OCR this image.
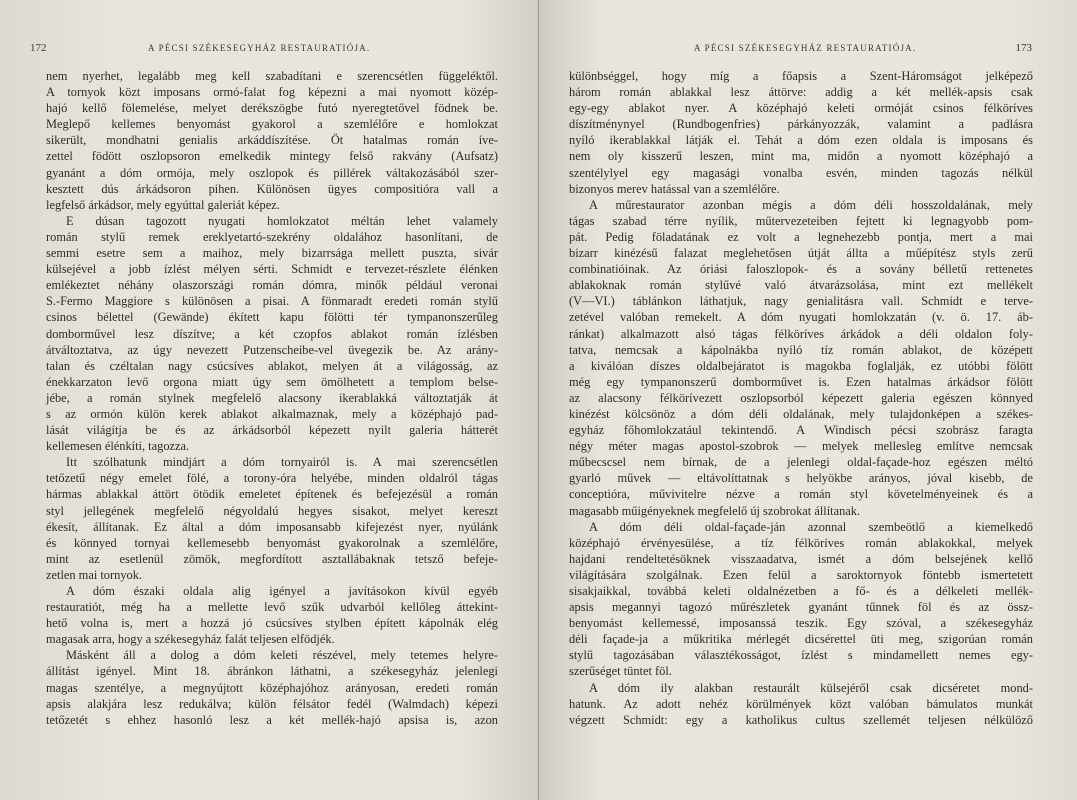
172	A PÉCSI SZÉKESEGYHÁZ RESTAURATIÓJA.
nem nyerhet, legalább meg kell szabadítani e szerencsétlen függeléktől.
A tornyok közt imposans ormó-falat fog képezni a mai nyomott közép-
hajó kellő fölemelése, melyet derékszögbe futó nyeregtetővel födnek be.
Meglepő kellemes benyomást gyakorol a szemlélőre e homlokzat
sikerült, mondhatni genialis arkáddíszítése. Öt hatalmas román íve-
zettel födött oszlopsoron emelkedik mintegy felső rakvány (Aufsatz)
gyanánt a dóm ormója, mely oszlopok és pillérek váltakozásából szer-
kesztett dús árkádsoron pihen. Különösen ügyes compositióra vall a
legfelső árkádsor, mely egyúttal galeriát képez.
E dúsan tagozott nyugati homlokzatot méltán lehet valamely
román stylű remek ereklyetartó-szekrény oldalához hasonlítani, de
semmi esetre sem a maihoz, mely bizarrsága mellett puszta, sivár
külsejével a jobb ízlést mélyen sérti. Schmidt e tervezet-részlete élénken
emlékeztet néhány olaszországi román dómra, minők például veronai
S.-Fermo Maggiore s különösen a pisai. A fönmaradt eredeti román stylű
csinos bélettel (Gewände) ékített kapu fölötti tér tympanonszerűleg
domborművel lesz díszítve; a két czopfos ablakot román ízlésben
átváltoztatva, az úgy nevezett Putzenscheibe-vel üvegezik be. Az arány-
talan és czéltalan nagy csúcsíves ablakot, melyen át a világosság, az
énekkarzaton levő orgona miatt úgy sem ömölhetett a templom belse-
jébe, a román stylnek megfelelő alacsony ikerablakká változtatják át
s az ormón külön kerek ablakot alkalmaznak, mely a középhajó pad-
lását világítja be és az árkádsorból képezett nyilt galeria hátterét
kellemesen élénkíti, tagozza.
Itt szólhatunk mindjárt a dóm tornyairól is. A mai szerencsétlen
tetőzetű négy emelet fölé, a torony-óra helyébe, minden oldalról tágas
hármas ablakkal áttört ötödik emeletet építenek és befejezésül a román
styl jellegének megfelelő négyoldalú hegyes sisakot, melyet kereszt
ékesít, állítanak. Ez által a dóm imposansabb kifejezést nyer, nyúlánk
és könnyed tornyai kellemesebb benyomást gyakorolnak a szemlélőre,
mint az esetlenül zömök, megfordított asztallábaknak tetsző befeje-
zetlen mai tornyok.
A dóm északi oldala alig igényel a javításokon kívül egyéb
restauratiót, még ha a mellette levő szűk udvarból kellőleg áttekint-
hető volna is, mert a hozzá jó csúcsíves stylben épített kápolnák elég
magasak arra, hogy a székesegyház falát teljesen elfödjék.
Másként áll a dolog a dóm keleti részével, mely tetemes helyre-
állítást igényel. Mint 18. ábránkon láthatni, a székesegyház jelenlegi
magas szentélye, a megnyújtott középhajóhoz arányosan, eredeti román
apsis alakjára lesz redukálva; külön félsátor fedél (Walmdach) képezi
tetőzetét s ehhez hasonló lesz a két mellék-hajó apsisa is, azon
A PÉCSI SZÉKESEGYHÁZ RESTAURATIÓJA.	173
különbséggel, hogy míg a főapsis a Szent-Háromságot jelképező
három román ablakkal lesz áttörve: addig a két mellék-apsis csak
egy-egy ablakot nyer. A középhajó keleti ormóját csinos félköríves
díszítménynyel (Rundbogenfries) párkányozzák, valamint a padlásra
nyíló ikerablakkal látják el. Tehát a dóm ezen oldala is imposans és
nem oly kisszerű leszen, mint ma, midőn a nyomott középhajó a
szentélylyel egy magasági vonalba esvén, minden tagozás nélkül
bizonyos merev hatással van a szemlélőre.
A műrestaurator azonban mégis a dóm déli hosszoldalának, mely
tágas szabad térre nyílik, műtervezeteiben fejtett ki legnagyobb pom-
pát. Pedig föladatának ez volt a legnehezebb pontja, mert a mai
bizarr kinézésű falazat meglehetősen útját állta a műépítész styls zerű
combinatióinak. Az óriási faloszlopok- és a sovány bélletű rettenetes
ablakoknak román stylűvé való átvarázsolása, mint ezt mellékelt
(V—VI.) táblánkon láthatjuk, nagy genialitásra vall. Schmidt e terve-
zetével valóban remekelt. A dóm nyugati homlokzatán (v. ö. 17. áb-
ránkat) alkalmazott alsó tágas félköríves árkádok a déli oldalon foly-
tatva, nemcsak a kápolnákba nyíló tíz román ablakot, de középett
a kiválóan díszes oldalbejáratot is magokba foglalják, ez utóbbi fölött
még egy tympanonszerű domborművet is. Ezen hatalmas árkádsor fölött
az alacsony félkörívezett oszlopsorból képezett galeria egészen könnyed
kinézést kölcsönöz a dóm déli oldalának, mely tulajdonképen a székes-
egyház főhomlokzatául tekintendő. A Windisch pécsi szobrász faragta
négy méter magas apostol-szobrok — melyek mellesleg említve nemcsak
műbecscsel nem bírnak, de a jelenlegi oldal-façade-hoz egészen méltó
gyarló művek — eltávolíttatnak s helyökbe arányos, jóval kisebb, de
conceptióra, művivitelre nézve a román styl követelményeinek és a
magasabb műigényeknek megfelelő új szobrokat állítanak.
A dóm déli oldal-façade-ján azonnal szembeötlő a kiemelkedő
középhajó érvényesülése, a tíz félköríves román ablakokkal, melyek
hajdani rendeltetésöknek visszaadatva, ismét a dóm belsejének kellő
világítására szolgálnak. Ezen felül a saroktornyok föntebb ismertetett
sisakjaikkal, továbbá keleti oldalnézetben a fő- és a délkeleti mellék-
apsis megannyi tagozó műrészletek gyanánt tűnnek föl és az össz-
benyomást kellemessé, imposanssá teszik. Egy szóval, a székesegyház
déli façade-ja a műkritika mérlegét dicsérettel üti meg, szigorúan román
stylű tagozásában választékosságot, ízlést s mindamellett nemes egy-
szerűséget tüntet föl.
A dóm ily alakban restaurált külsejéről csak dicséretet mond-
hatunk. Az adott nehéz körülmények közt valóban bámulatos munkát
végzett Schmidt: egy a katholikus cultus szellemét teljesen nélkülöző
